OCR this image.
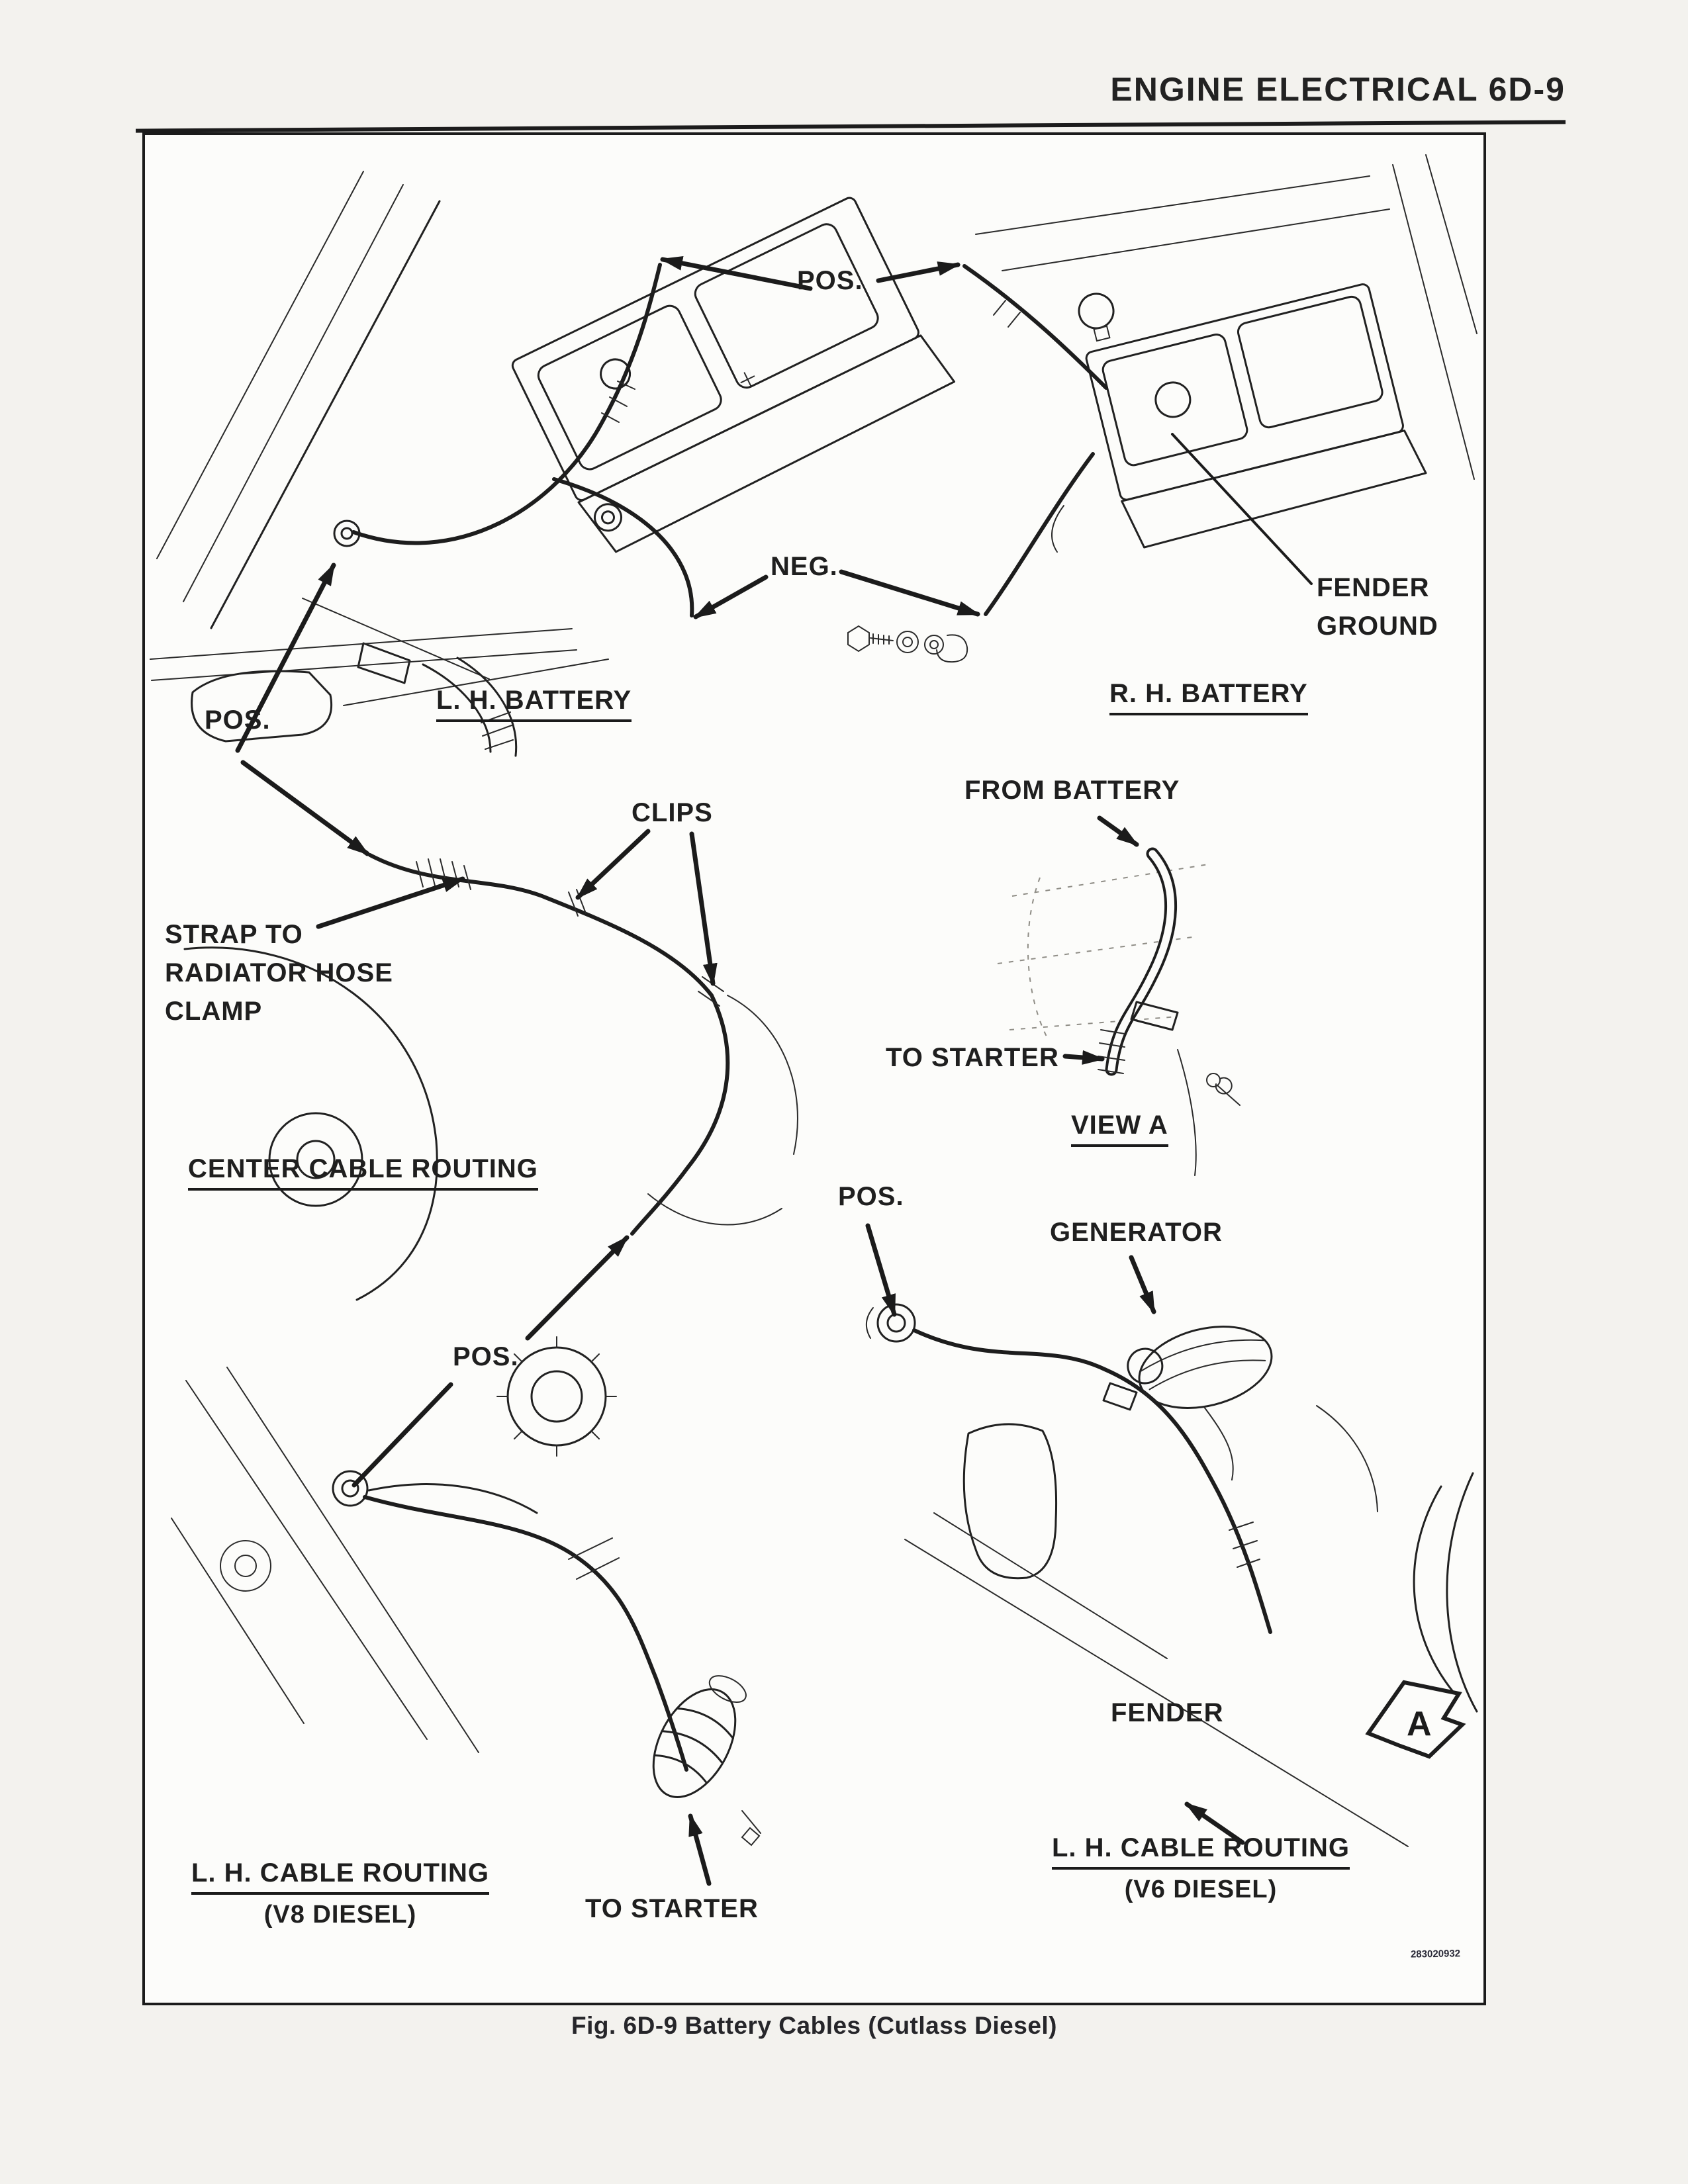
ENGINE ELECTRICAL 6D-9
A
POS.
NEG.
L. H. BATTERY	R. H. BATTERY
FENDER
GROUND
POS.
CLIPS
STRAP TO
RADIATOR HOSE
CLAMP
CENTER CABLE ROUTING
FROM BATTERY
TO STARTER
VIEW A
POS.
GENERATOR
POS.
L. H. CABLE ROUTING
(V8 DIESEL)	TO STARTER
FENDER
L. H. CABLE ROUTING
(V6 DIESEL)
283020932
Fig. 6D-9 Battery Cables (Cutlass Diesel)
